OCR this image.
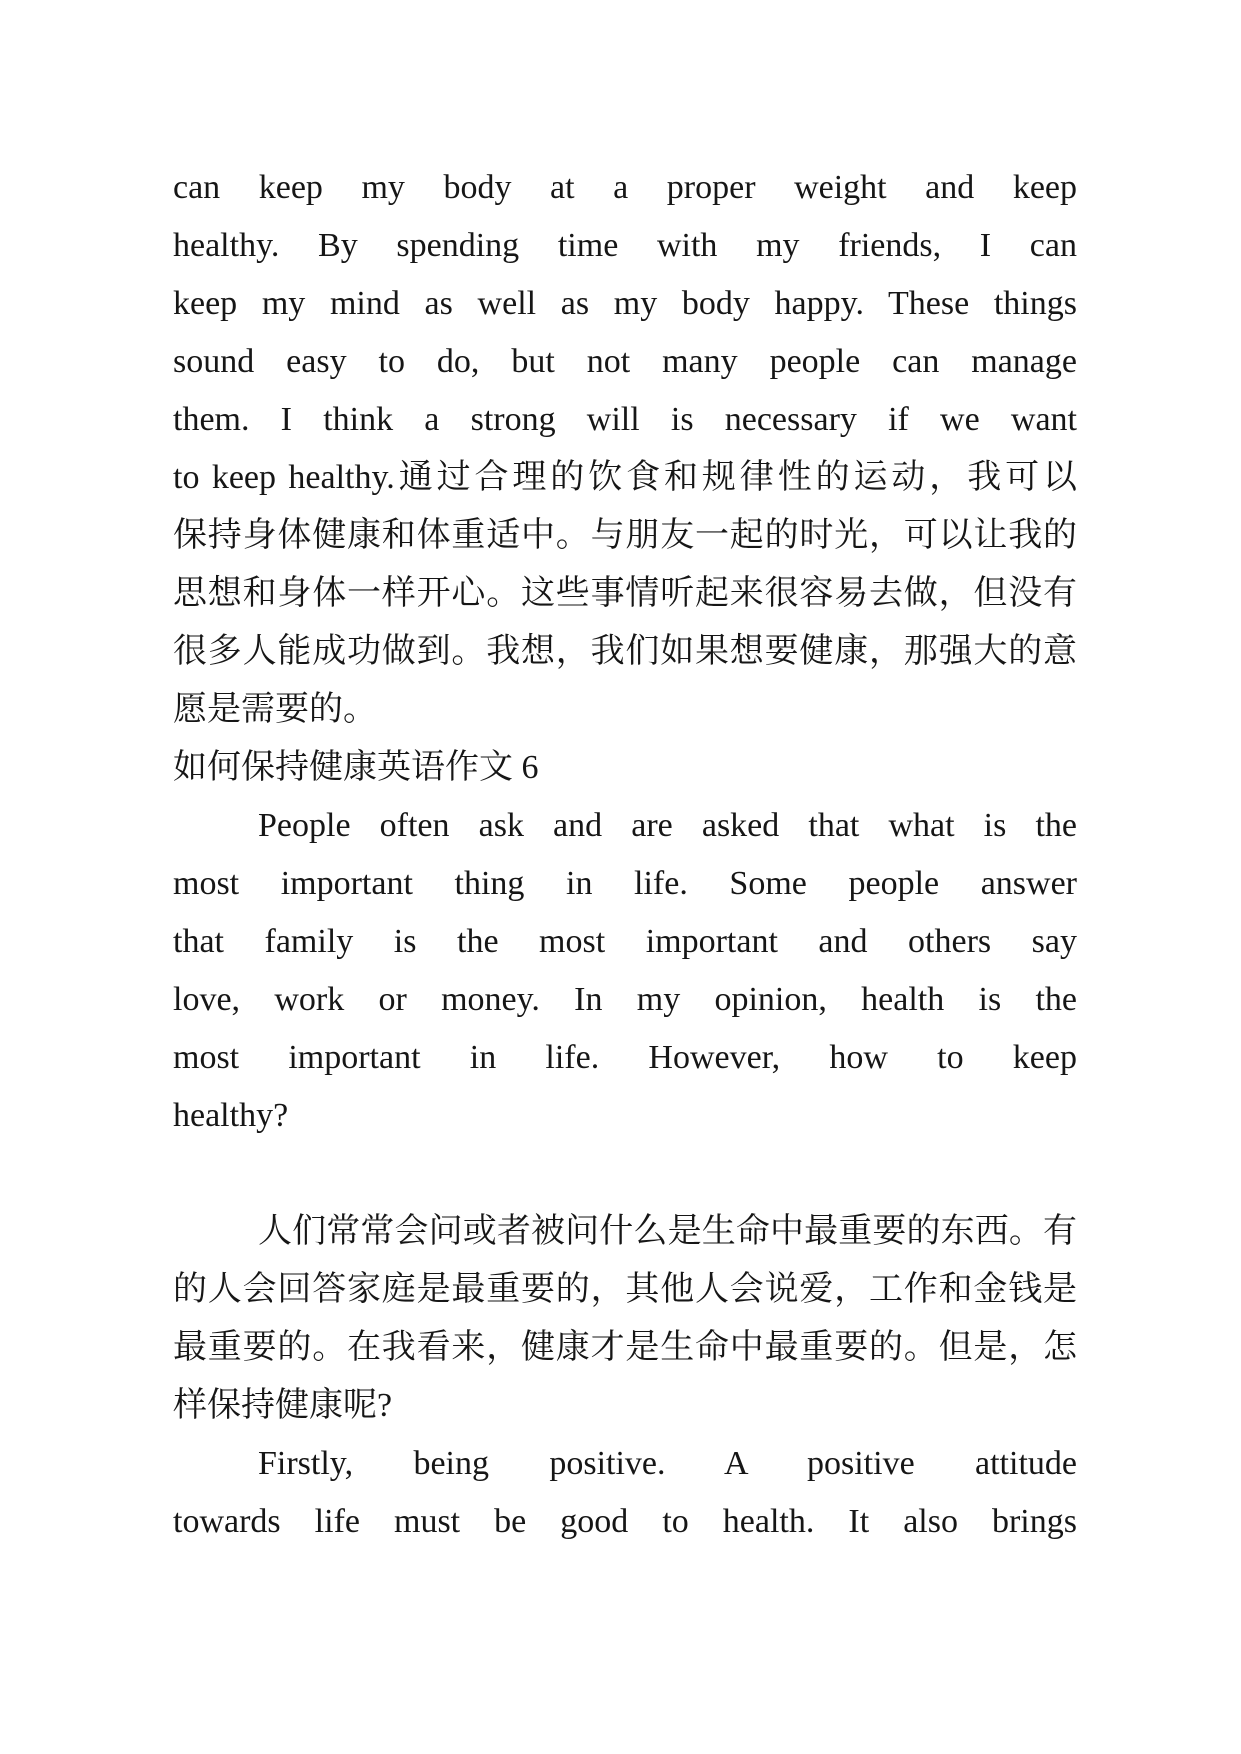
can keep my body at a proper weight and keep
healthy. By spending time with my friends, I can
keep my mind as well as my body happy. These things
sound easy to do, but not many people can manage
them. I think a strong will is necessary if we want
to keep healthy.通过合理的饮食和规律性的运动，我可以
保持身体健康和体重适中。与朋友一起的时光，可以让我的
思想和身体一样开心。这些事情听起来很容易去做，但没有
很多人能成功做到。我想，我们如果想要健康，那强大的意
愿是需要的。
如何保持健康英语作文 6
People often ask and are asked that what is the
most important thing in life. Some people answer
that family is the most important and others say
love, work or money. In my opinion, health is the
most important in life. However, how to keep
healthy?
人们常常会问或者被问什么是生命中最重要的东西。有
的人会回答家庭是最重要的，其他人会说爱，工作和金钱是
最重要的。在我看来，健康才是生命中最重要的。但是，怎
样保持健康呢?
Firstly, being positive. A positive attitude
towards life must be good to health. It also brings
